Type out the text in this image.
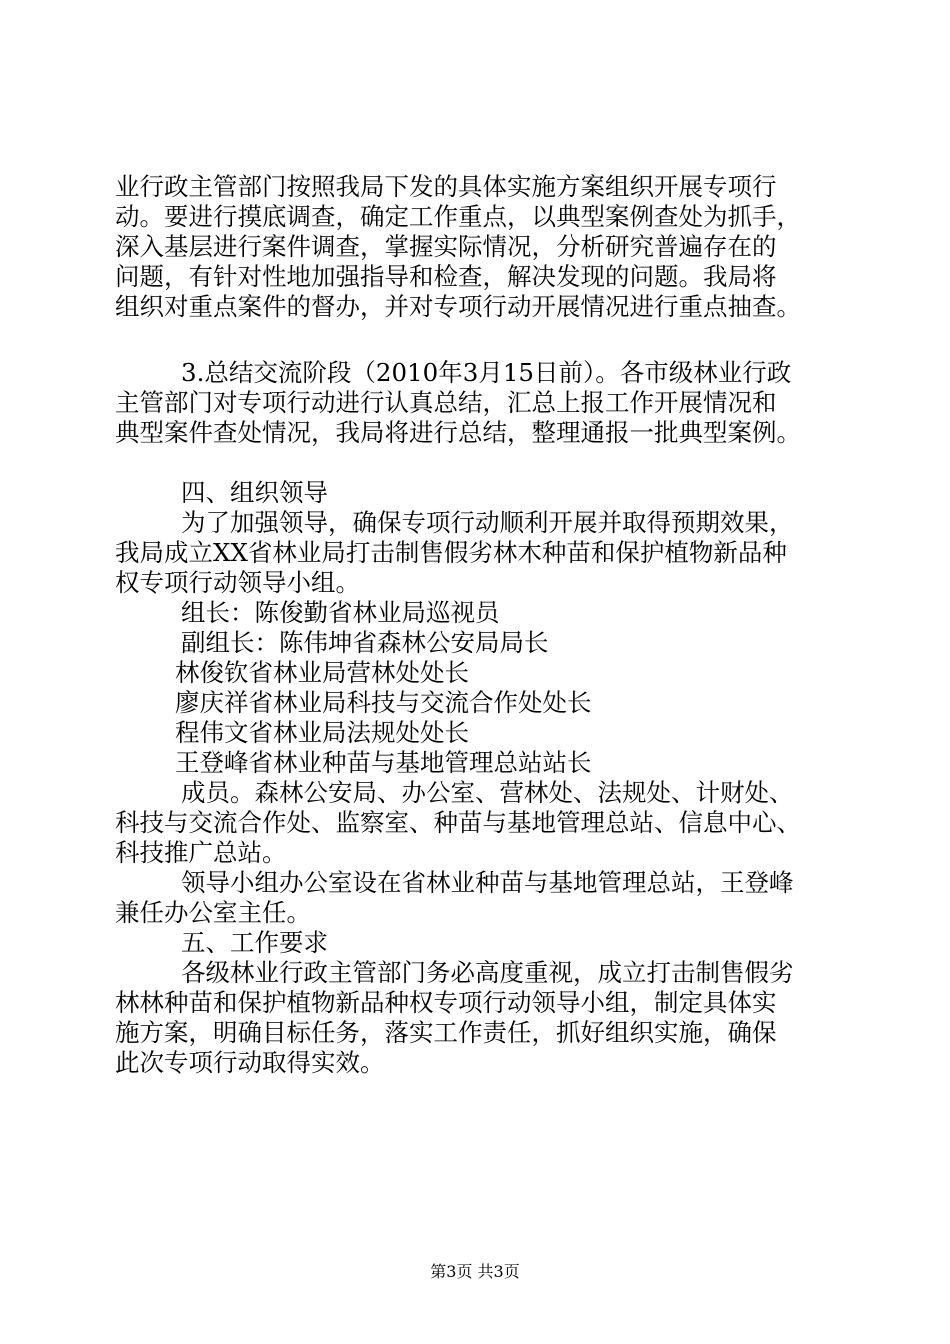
业行政主管部门按照我局下发的具体实施方案组织开展专项行
动。要进行摸底调查，确定工作重点，以典型案例查处为抓手，
深入基层进行案件调查，掌握实际情况，分析研究普遍存在的
问题，有针对性地加强指导和检查，解决发现的问题。我局将
组织对重点案件的督办，并对专项行动开展情况进行重点抽查。
3.总结交流阶段（2010年3月15日前）。各市级林业行政
主管部门对专项行动进行认真总结，汇总上报工作开展情况和
典型案件查处情况，我局将进行总结，整理通报一批典型案例。
四、组织领导
为了加强领导，确保专项行动顺利开展并取得预期效果，
我局成立XX省林业局打击制售假劣林木种苗和保护植物新品种
权专项行动领导小组。
组长：陈俊勤省林业局巡视员
副组长：陈伟坤省森林公安局局长
林俊钦省林业局营林处处长
廖庆祥省林业局科技与交流合作处处长
程伟文省林业局法规处处长
王登峰省林业种苗与基地管理总站站长
成员。森林公安局、办公室、营林处、法规处、计财处、
科技与交流合作处、监察室、种苗与基地管理总站、信息中心、
科技推广总站。
领导小组办公室设在省林业种苗与基地管理总站，王登峰
兼任办公室主任。
五、工作要求
各级林业行政主管部门务必高度重视，成立打击制售假劣
林林种苗和保护植物新品种权专项行动领导小组，制定具体实
施方案，明确目标任务，落实工作责任，抓好组织实施，确保
此次专项行动取得实效。
第3页 共3页
